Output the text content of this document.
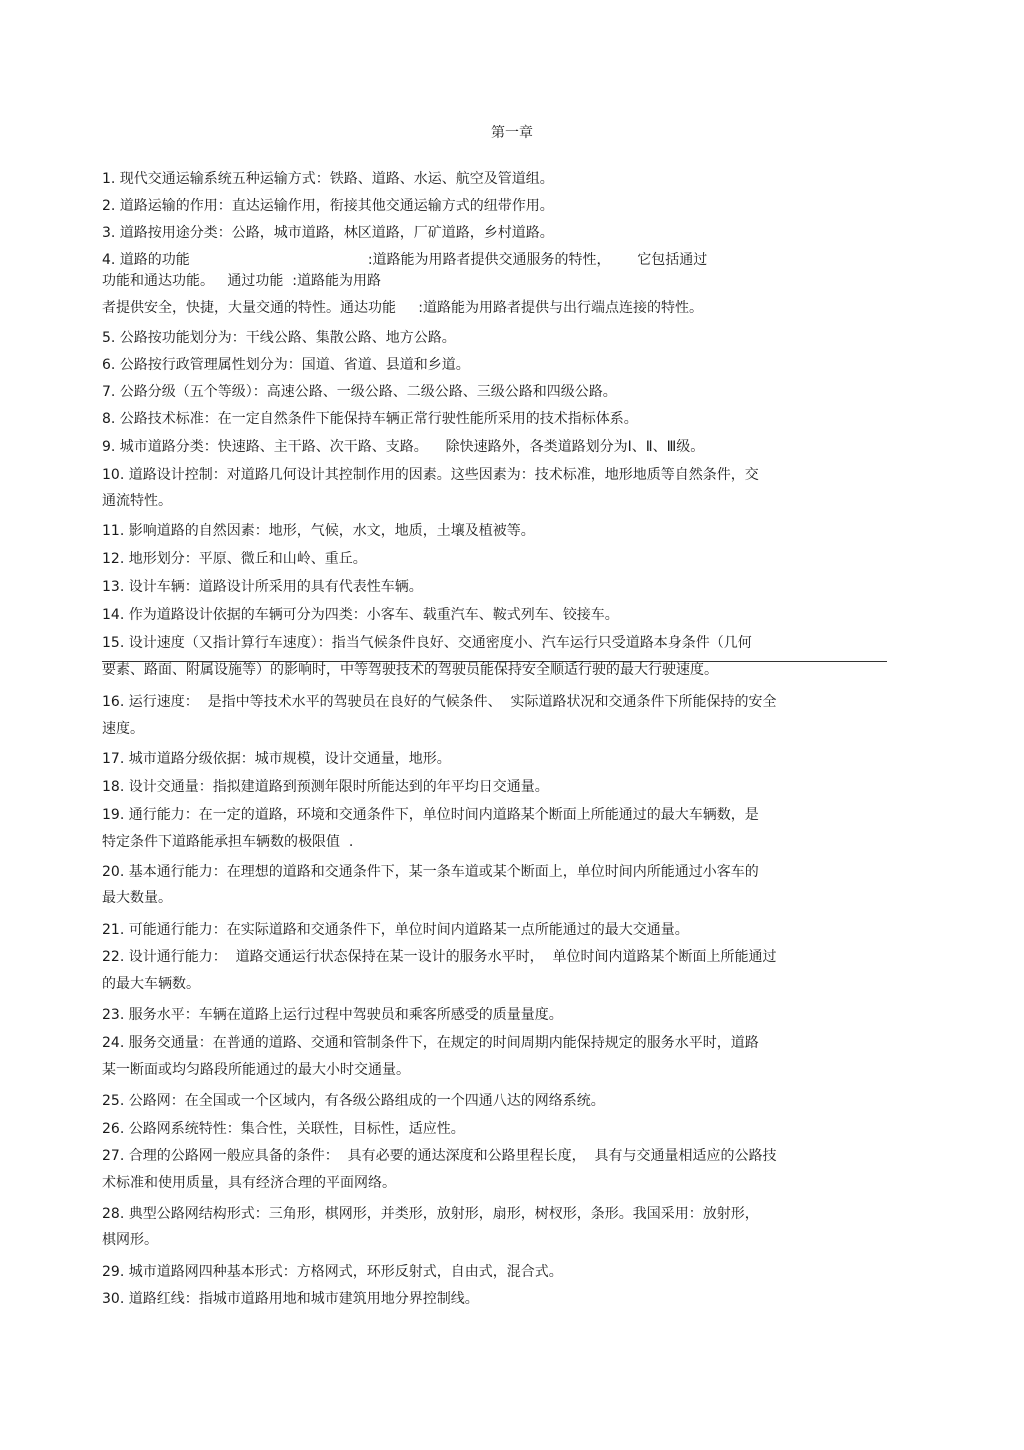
第一章
1. 现代交通运输系统五种运输方式：铁路、道路、水运、航空及管道组。
2. 道路运输的作用：直达运输作用，衔接其他交通运输方式的纽带作用。
3. 道路按用途分类：公路，城市道路，林区道路，厂矿道路，乡村道路。
4. 道路的功能                                        :道路能为用路者提供交通服务的特性，      它包括通过
功能和通达功能。   通过功能  :道路能为用路
者提供安全，快捷，大量交通的特性。通达功能     :道路能为用路者提供与出行端点连接的特性。
5. 公路按功能划分为：干线公路、集散公路、地方公路。
6. 公路按行政管理属性划分为：国道、省道、县道和乡道。
7. 公路分级（五个等级）：高速公路、一级公路、二级公路、三级公路和四级公路。
8. 公路技术标准：在一定自然条件下能保持车辆正常行驶性能所采用的技术指标体系。
9. 城市道路分类：快速路、主干路、次干路、支路。    除快速路外，各类道路划分为Ⅰ、Ⅱ、Ⅲ级。
10. 道路设计控制：对道路几何设计其控制作用的因素。这些因素为：技术标准，地形地质等自然条件，交
通流特性。
11. 影响道路的自然因素：地形，气候，水文，地质，土壤及植被等。
12. 地形划分：平原、微丘和山岭、重丘。
13. 设计车辆：道路设计所采用的具有代表性车辆。
14. 作为道路设计依据的车辆可分为四类：小客车、载重汽车、鞍式列车、铰接车。
15. 设计速度（又指计算行车速度）：指当气候条件良好、交通密度小、汽车运行只受道路本身条件（几何
要素、路面、附属设施等）的影响时，中等驾驶技术的驾驶员能保持安全顺适行驶的最大行驶速度。
16. 运行速度：  是指中等技术水平的驾驶员在良好的气候条件、  实际道路状况和交通条件下所能保持的安全
速度。
17. 城市道路分级依据：城市规模，设计交通量，地形。
18. 设计交通量：指拟建道路到预测年限时所能达到的年平均日交通量。
19. 通行能力：在一定的道路，环境和交通条件下，单位时间内道路某个断面上所能通过的最大车辆数，是
特定条件下道路能承担车辆数的极限值  .
20. 基本通行能力：在理想的道路和交通条件下，某一条车道或某个断面上，单位时间内所能通过小客车的
最大数量。
21. 可能通行能力：在实际道路和交通条件下，单位时间内道路某一点所能通过的最大交通量。
22. 设计通行能力：  道路交通运行状态保持在某一设计的服务水平时，  单位时间内道路某个断面上所能通过
的最大车辆数。
23. 服务水平：车辆在道路上运行过程中驾驶员和乘客所感受的质量量度。
24. 服务交通量：在普通的道路、交通和管制条件下，在规定的时间周期内能保持规定的服务水平时，道路
某一断面或均匀路段所能通过的最大小时交通量。
25. 公路网：在全国或一个区域内，有各级公路组成的一个四通八达的网络系统。
26. 公路网系统特性：集合性，关联性，目标性，适应性。
27. 合理的公路网一般应具备的条件：  具有必要的通达深度和公路里程长度，  具有与交通量相适应的公路技
术标准和使用质量，具有经济合理的平面网络。
28. 典型公路网结构形式：三角形，棋网形，并类形，放射形，扇形，树杈形，条形。我国采用：放射形，
棋网形。
29. 城市道路网四种基本形式：方格网式，环形反射式，自由式，混合式。
30. 道路红线：指城市道路用地和城市建筑用地分界控制线。
